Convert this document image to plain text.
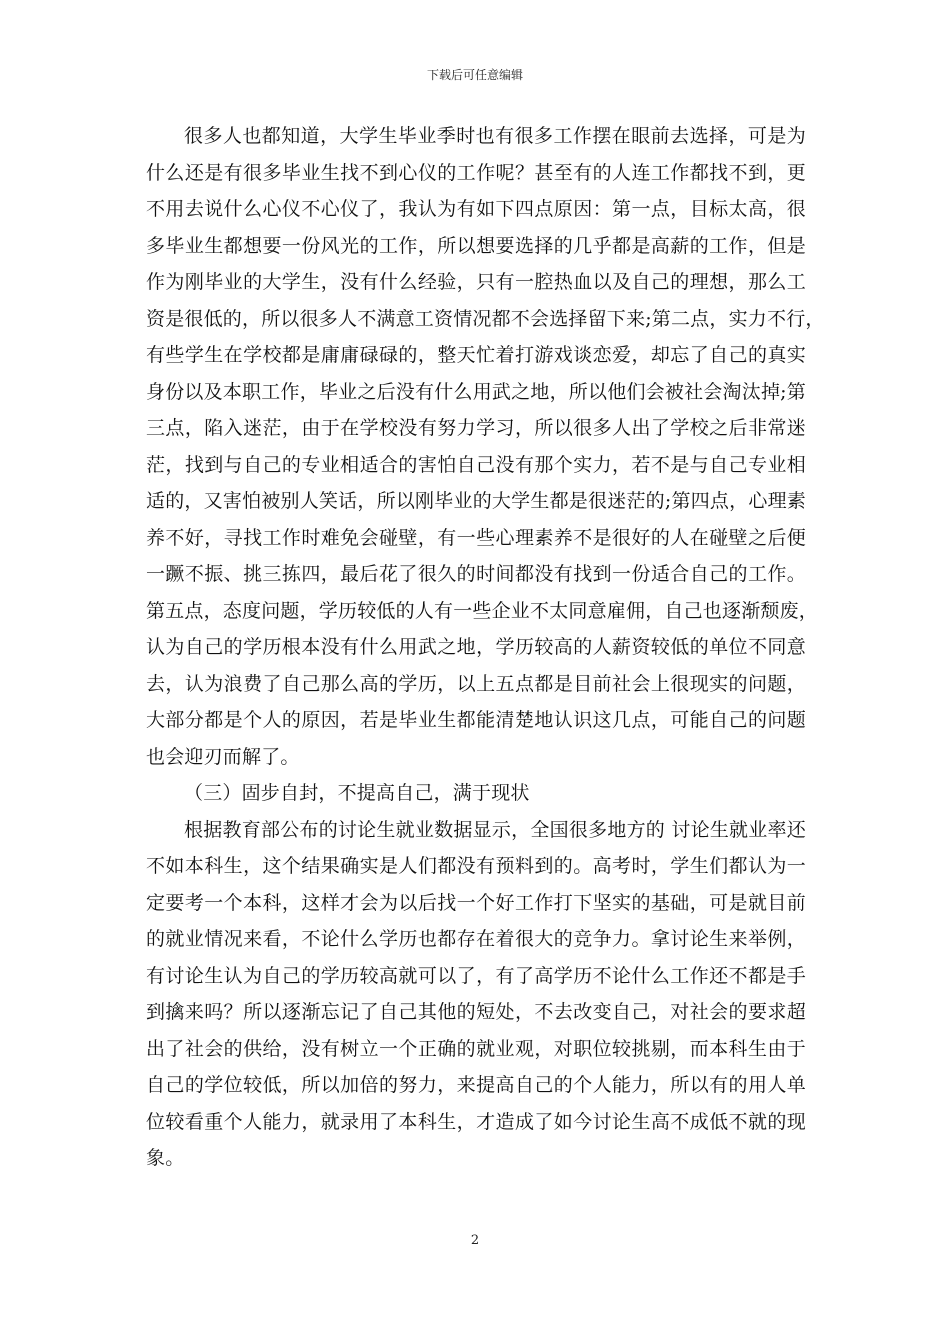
下载后可任意编辑
很多人也都知道，大学生毕业季时也有很多工作摆在眼前去选择，可是为
什么还是有很多毕业生找不到心仪的工作呢？甚至有的人连工作都找不到，更
不用去说什么心仪不心仪了，我认为有如下四点原因：第一点，目标太高，很
多毕业生都想要一份风光的工作，所以想要选择的几乎都是高薪的工作，但是
作为刚毕业的大学生，没有什么经验，只有一腔热血以及自己的理想，那么工
资是很低的，所以很多人不满意工资情况都不会选择留下来;第二点，实力不行，
有些学生在学校都是庸庸碌碌的，整天忙着打游戏谈恋爱，却忘了自己的真实
身份以及本职工作，毕业之后没有什么用武之地，所以他们会被社会淘汰掉;第
三点，陷入迷茫，由于在学校没有努力学习，所以很多人出了学校之后非常迷
茫，找到与自己的专业相适合的害怕自己没有那个实力，若不是与自己专业相
适的，又害怕被别人笑话，所以刚毕业的大学生都是很迷茫的;第四点，心理素
养不好，寻找工作时难免会碰壁，有一些心理素养不是很好的人在碰壁之后便
一蹶不振、挑三拣四，最后花了很久的时间都没有找到一份适合自己的工作。
第五点，态度问题，学历较低的人有一些企业不太同意雇佣，自己也逐渐颓废，
认为自己的学历根本没有什么用武之地，学历较高的人薪资较低的单位不同意
去，认为浪费了自己那么高的学历，以上五点都是目前社会上很现实的问题，
大部分都是个人的原因，若是毕业生都能清楚地认识这几点，可能自己的问题
也会迎刃而解了。
（三）固步自封，不提高自己，满于现状
根据教育部公布的讨论生就业数据显示，全国很多地方的 讨论生就业率还
不如本科生，这个结果确实是人们都没有预料到的。高考时，学生们都认为一
定要考一个本科，这样才会为以后找一个好工作打下坚实的基础，可是就目前
的就业情况来看，不论什么学历也都存在着很大的竞争力。拿讨论生来举例，
有讨论生认为自己的学历较高就可以了，有了高学历不论什么工作还不都是手
到擒来吗？所以逐渐忘记了自己其他的短处，不去改变自己，对社会的要求超
出了社会的供给，没有树立一个正确的就业观，对职位较挑剔，而本科生由于
自己的学位较低，所以加倍的努力，来提高自己的个人能力，所以有的用人单
位较看重个人能力，就录用了本科生，才造成了如今讨论生高不成低不就的现
象。
2
